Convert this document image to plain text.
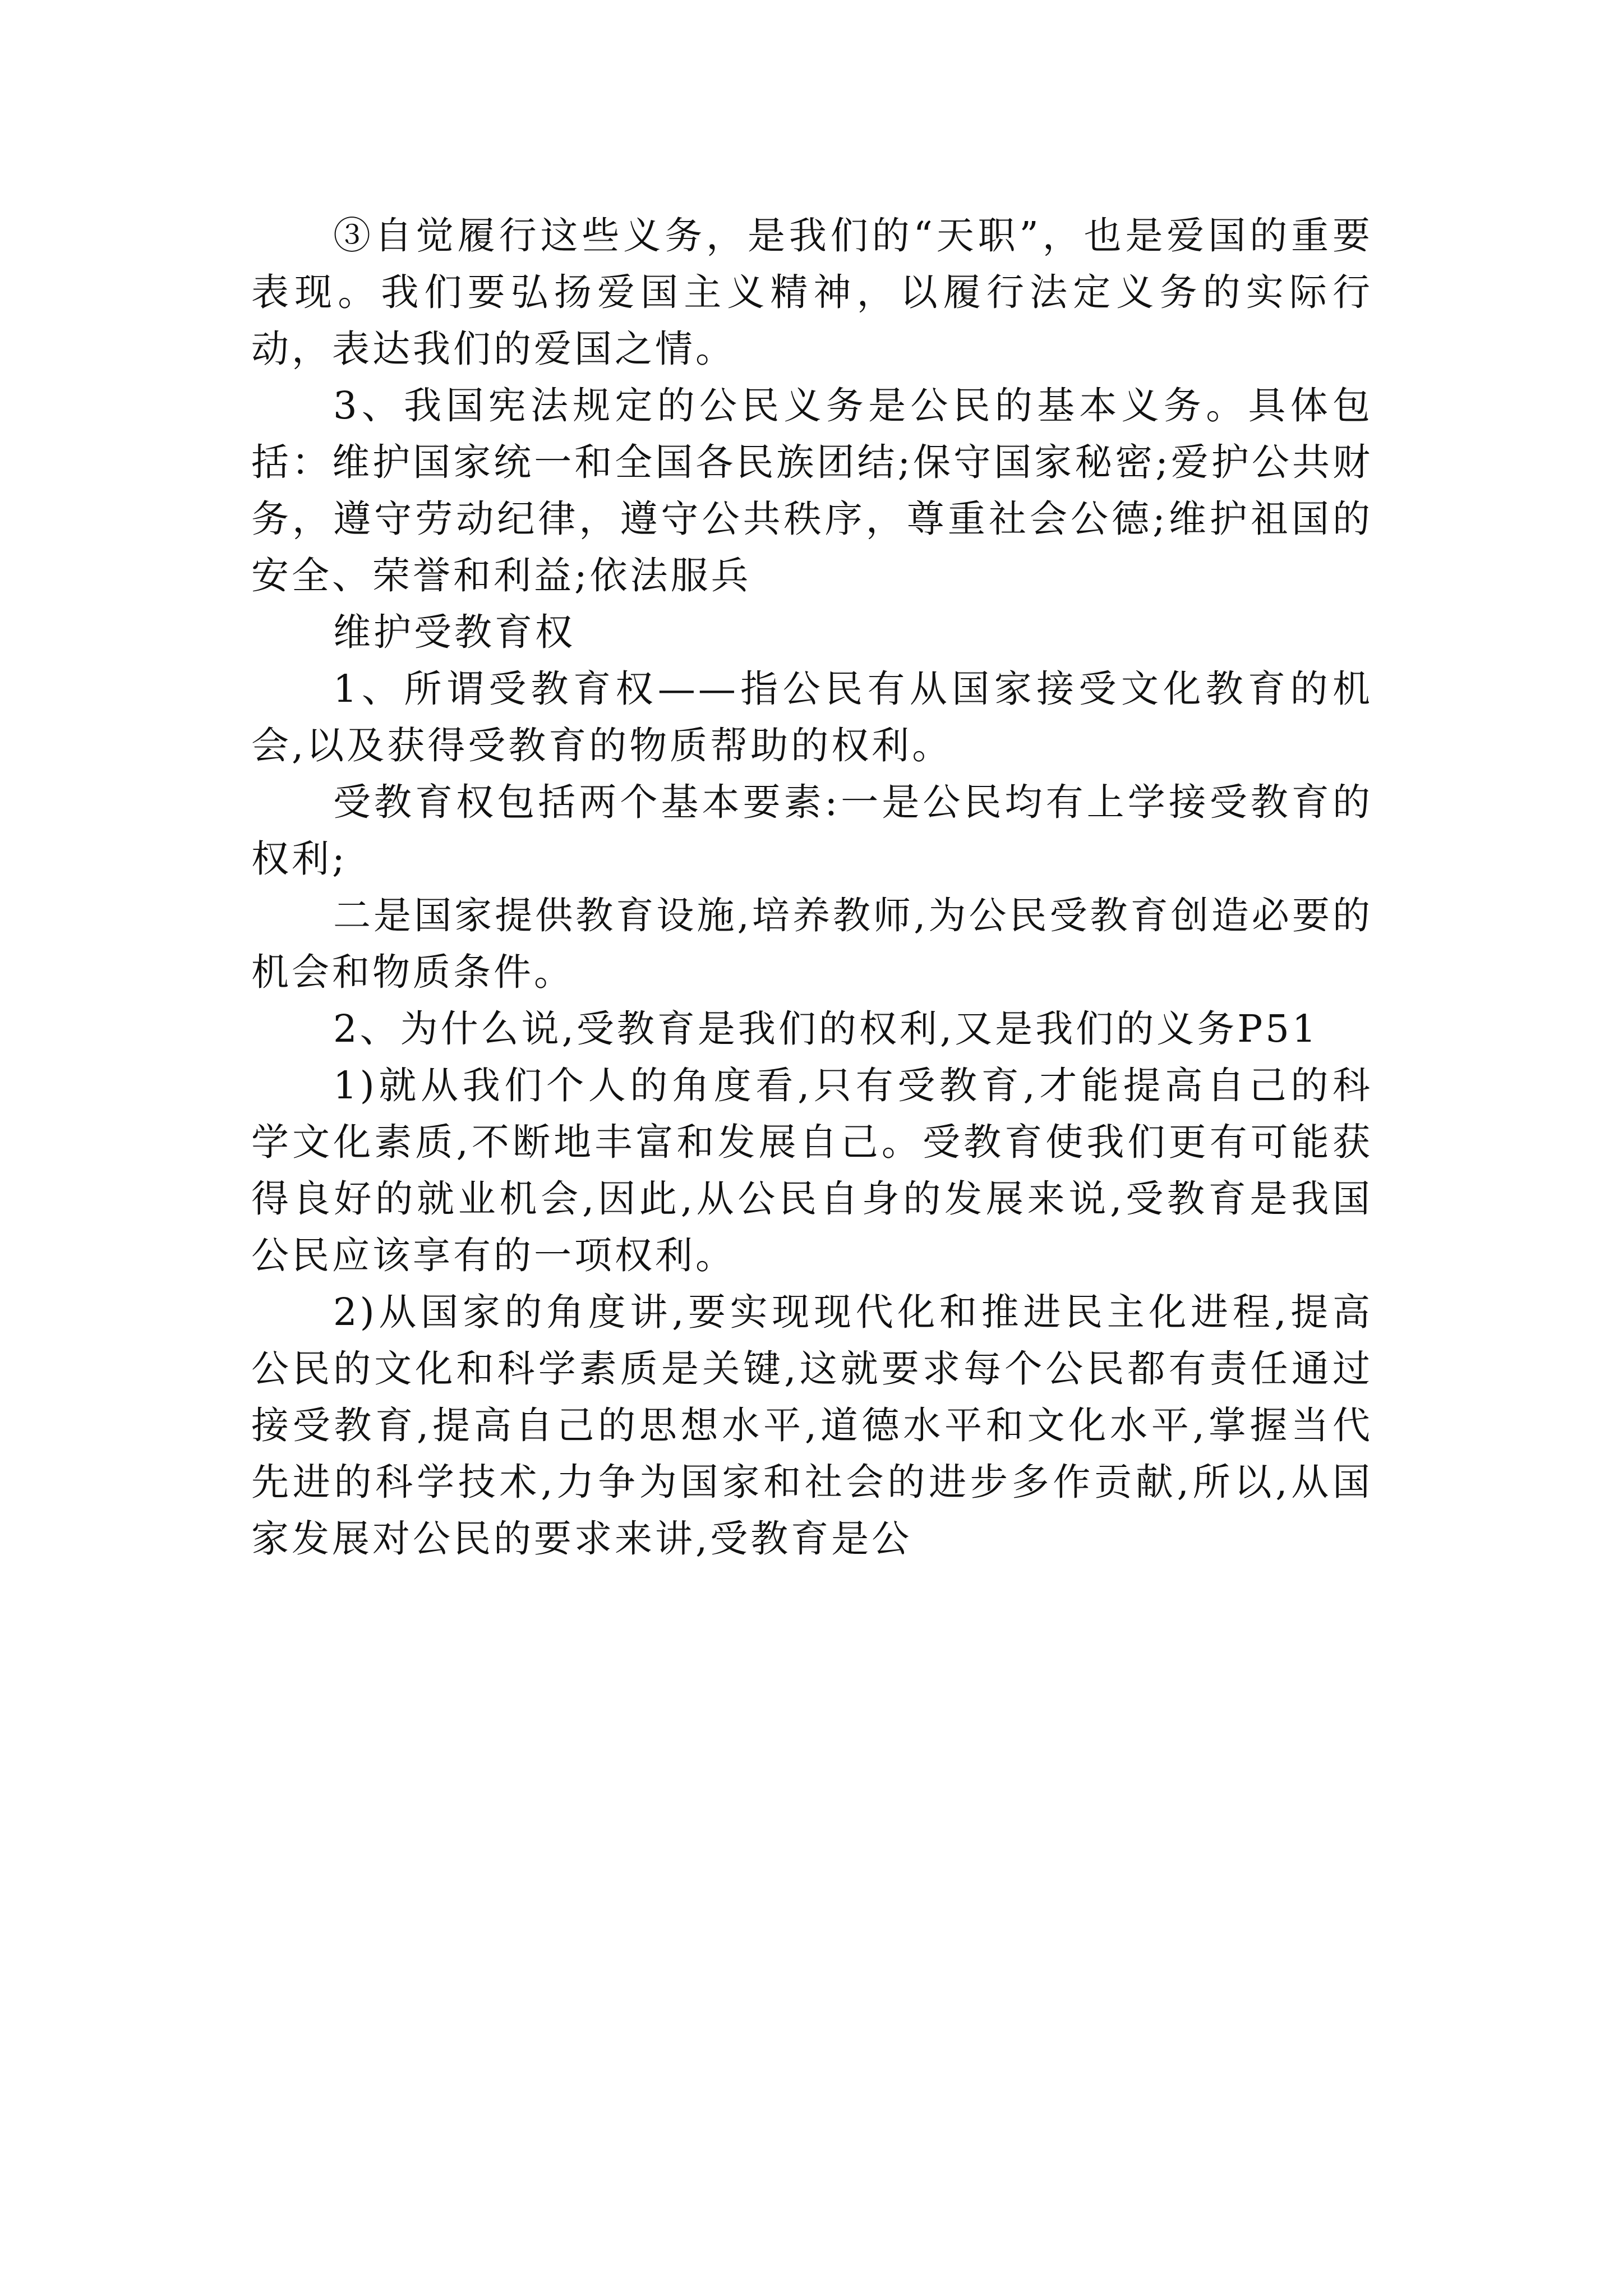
③自觉履行这些义务，是我们的“天职”，也是爱国的重要表现。我们要弘扬爱国主义精神，以履行法定义务的实际行动，表达我们的爱国之情。

3、我国宪法规定的公民义务是公民的基本义务。具体包括：维护国家统一和全国各民族团结;保守国家秘密;爱护公共财务，遵守劳动纪律，遵守公共秩序，尊重社会公德;维护祖国的安全、荣誉和利益;依法服兵

维护受教育权

1、所谓受教育权——指公民有从国家接受文化教育的机会,以及获得受教育的物质帮助的权利。

受教育权包括两个基本要素:一是公民均有上学接受教育的权利;

二是国家提供教育设施,培养教师,为公民受教育创造必要的机会和物质条件。

2、为什么说,受教育是我们的权利,又是我们的义务P51

1)就从我们个人的角度看,只有受教育,才能提高自己的科学文化素质,不断地丰富和发展自己。受教育使我们更有可能获得良好的就业机会,因此,从公民自身的发展来说,受教育是我国公民应该享有的一项权利。

2)从国家的角度讲,要实现现代化和推进民主化进程,提高公民的文化和科学素质是关键,这就要求每个公民都有责任通过接受教育,提高自己的思想水平,道德水平和文化水平,掌握当代先进的科学技术,力争为国家和社会的进步多作贡献,所以,从国家发展对公民的要求来讲,受教育是公
